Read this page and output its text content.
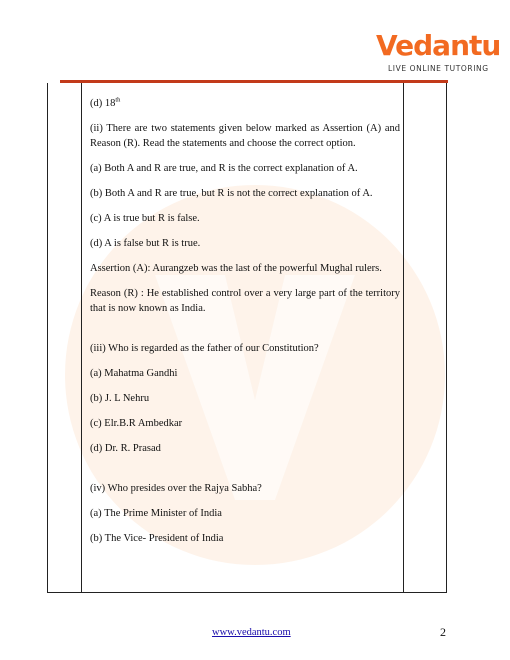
Vedantu
LIVE ONLINE TUTORING

(d) 18th

(ii) There are two statements given below marked as Assertion (A) and Reason (R). Read the statements and choose the correct option.

(a) Both A and R are true, and R is the correct explanation of A.

(b) Both A and R are true, but R is not the correct explanation of A.

(c) A is true but R is false.

(d) A is false but R is true.

Assertion (A): Aurangzeb was the last of the powerful Mughal rulers.

Reason (R) : He established control over a very large part of the territory that is now known as India.

(iii) Who is regarded as the father of our Constitution?

(a) Mahatma Gandhi

(b) J. L Nehru

(c) Elr.B.R Ambedkar

(d) Dr. R. Prasad

(iv) Who presides over the Rajya Sabha?

(a) The Prime Minister of India

(b) The Vice- President of India

www.vedantu.com	2
